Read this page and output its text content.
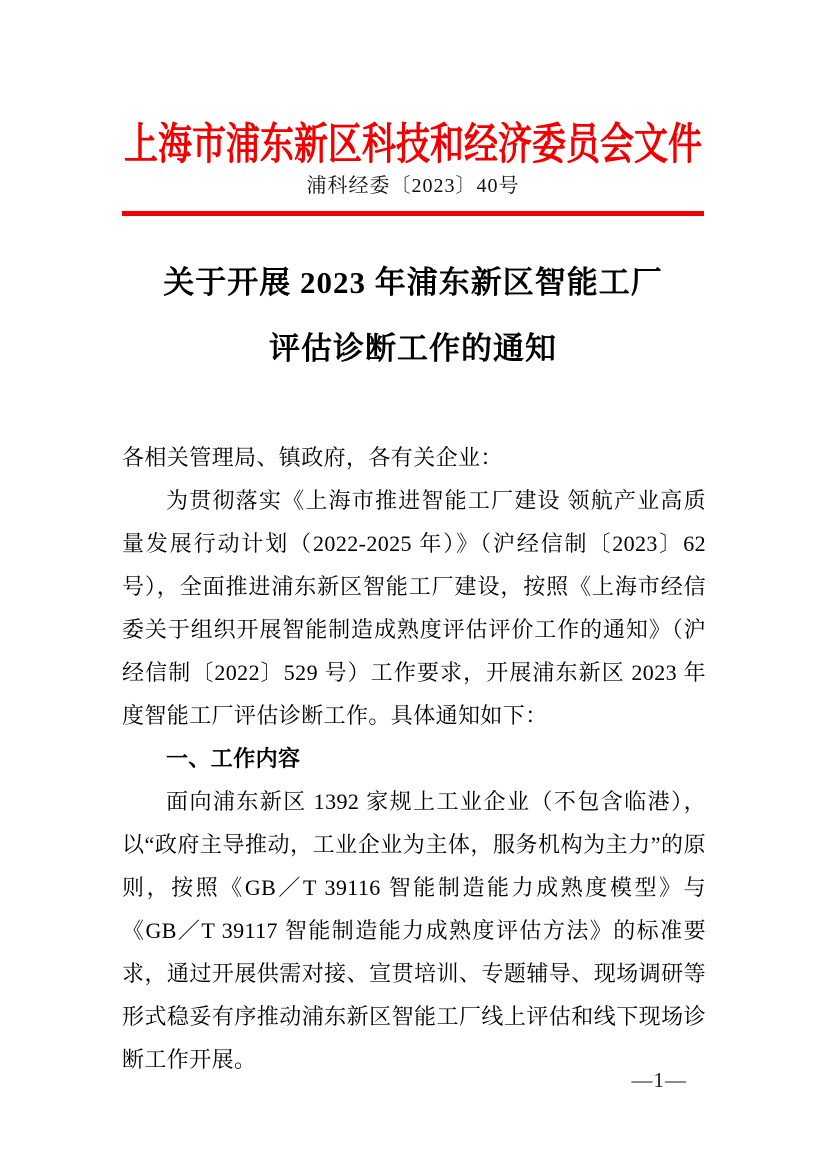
上海市浦东新区科技和经济委员会文件
浦科经委〔2023〕40号
关于开展 2023 年浦东新区智能工厂
评估诊断工作的通知

各相关管理局、镇政府，各有关企业：

为贯彻落实《上海市推进智能工厂建设 领航产业高质量发展行动计划（2022-2025 年）》（沪经信制〔2023〕62 号），全面推进浦东新区智能工厂建设，按照《上海市经信委关于组织开展智能制造成熟度评估评价工作的通知》（沪经信制〔2022〕529 号）工作要求，开展浦东新区 2023 年度智能工厂评估诊断工作。具体通知如下：

一、工作内容

面向浦东新区 1392 家规上工业企业（不包含临港），以“政府主导推动，工业企业为主体，服务机构为主力”的原则，按照《GB／T 39116 智能制造能力成熟度模型》与《GB／T 39117 智能制造能力成熟度评估方法》的标准要求，通过开展供需对接、宣贯培训、专题辅导、现场调研等形式稳妥有序推动浦东新区智能工厂线上评估和线下现场诊断工作开展。

—1—
